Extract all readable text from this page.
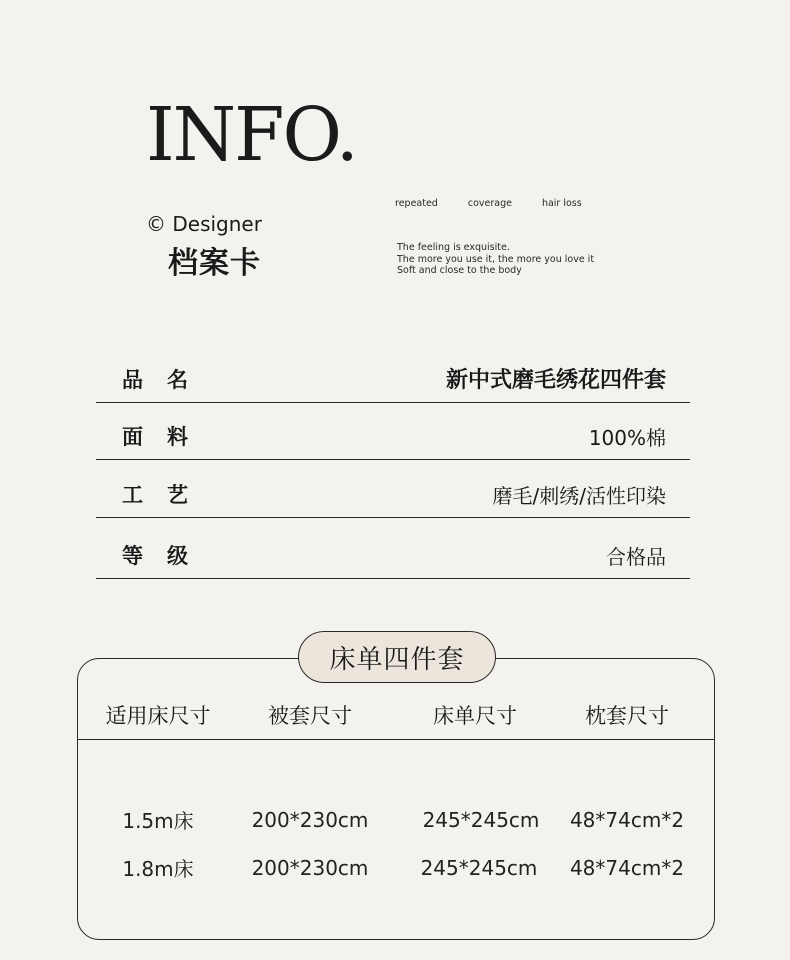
INFO.
© Designer
档案卡
repeated	coverage	hair loss
The feeling is exquisite.
The more you use it, the more you love it
Soft and close to the body
品名	新中式磨毛绣花四件套
面料	100%棉
工艺	磨毛/刺绣/活性印染
等级	合格品
床单四件套
适用床尺寸	被套尺寸	床单尺寸	枕套尺寸
1.5m床	200*230cm	245*245cm 48*74cm*2
1.8m床	200*230cm	245*245cm 48*74cm*2
